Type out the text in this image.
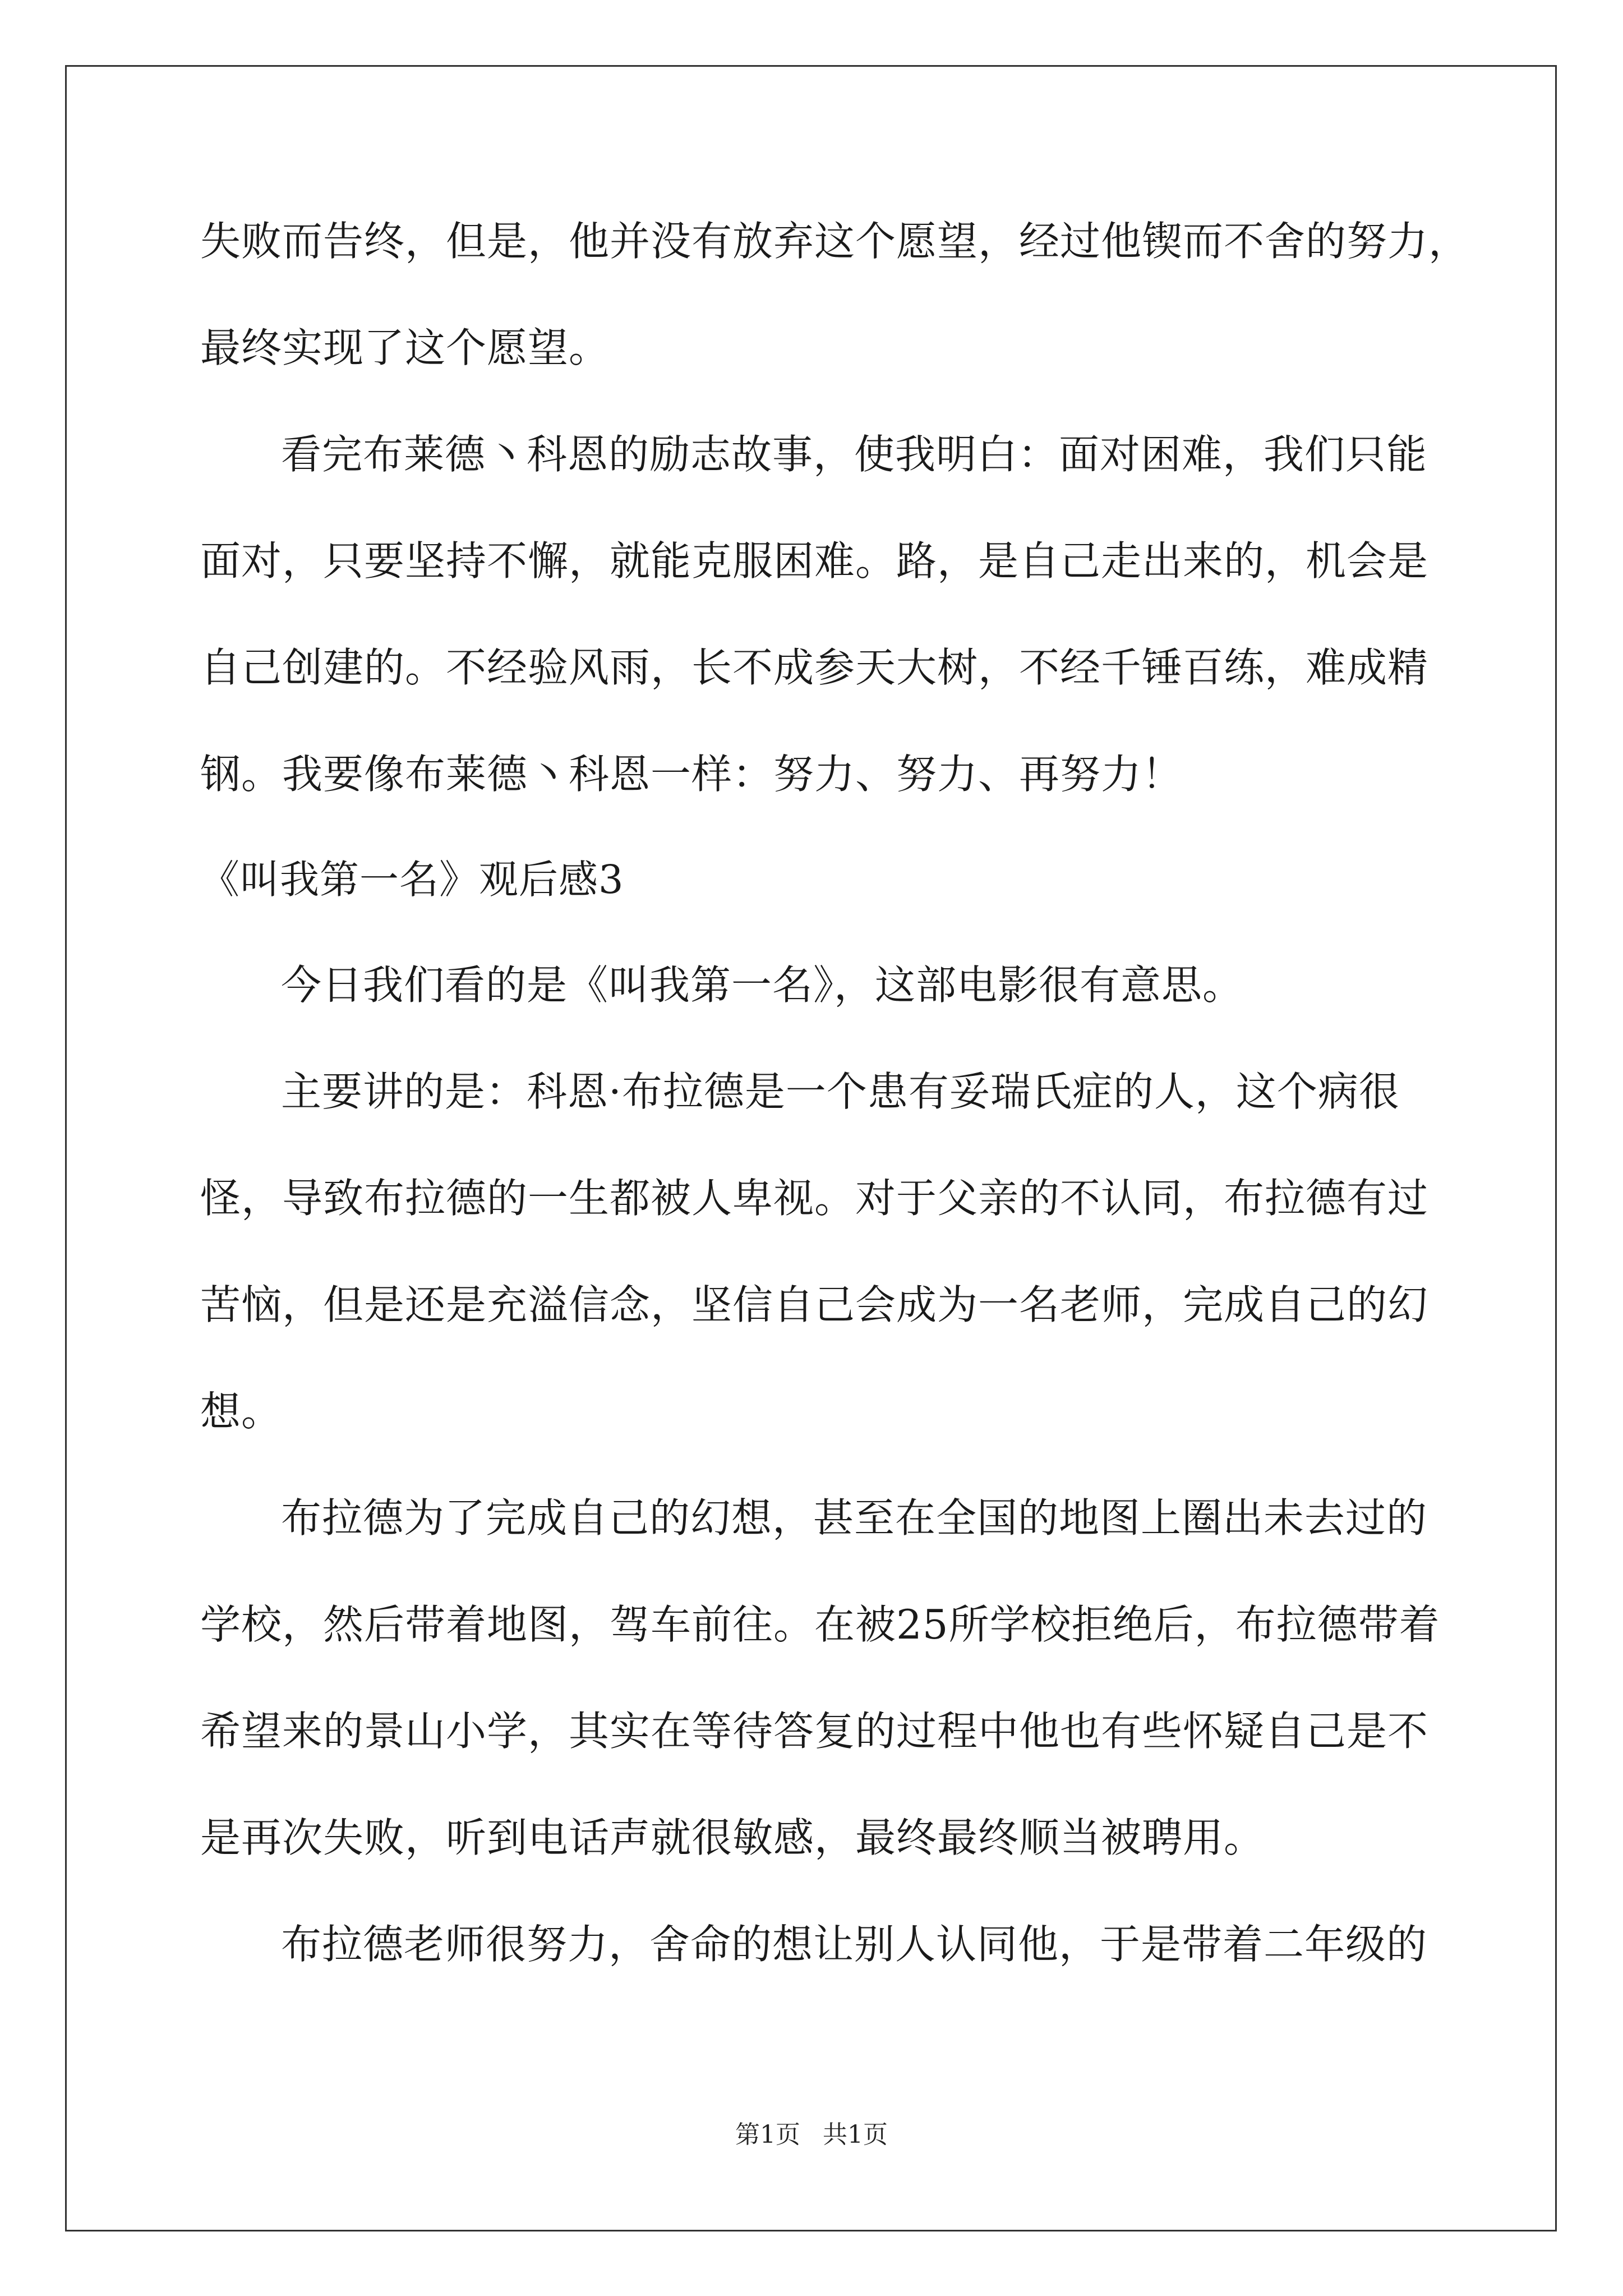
失败而告终，但是，他并没有放弃这个愿望，经过他锲而不舍的努力，
最终实现了这个愿望。
看完布莱德丶科恩的励志故事，使我明白：面对困难，我们只能
面对，只要坚持不懈，就能克服困难。路，是自己走出来的，机会是
自己创建的。不经验风雨，长不成参天大树，不经千锤百练，难成精
钢。我要像布莱德丶科恩一样：努力、努力、再努力！
《叫我第一名》观后感3
今日我们看的是《叫我第一名》，这部电影很有意思。
主要讲的是：科恩·布拉德是一个患有妥瑞氏症的人，这个病很
怪，导致布拉德的一生都被人卑视。对于父亲的不认同，布拉德有过
苦恼，但是还是充溢信念，坚信自己会成为一名老师，完成自己的幻
想。
布拉德为了完成自己的幻想，甚至在全国的地图上圈出未去过的
学校，然后带着地图，驾车前往。在被25所学校拒绝后，布拉德带着
希望来的景山小学，其实在等待答复的过程中他也有些怀疑自己是不
是再次失败，听到电话声就很敏感，最终最终顺当被聘用。
布拉德老师很努力，舍命的想让别人认同他，于是带着二年级的
第1页 共1页
